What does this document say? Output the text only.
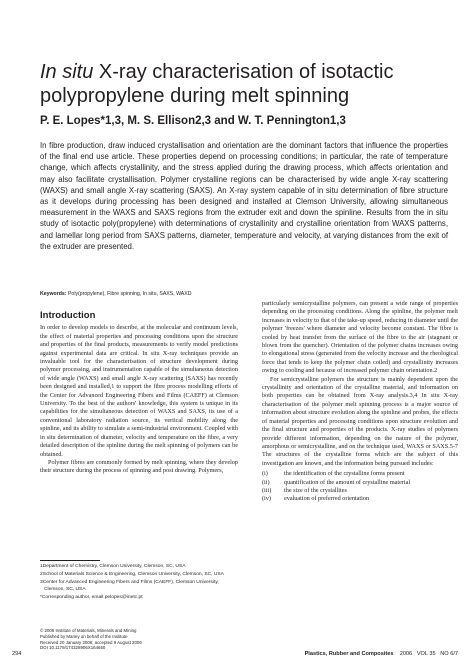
In situ X-ray characterisation of isotactic polypropylene during melt spinning
P. E. Lopes*1,3, M. S. Ellison2,3 and W. T. Pennington1,3
In fibre production, draw induced crystallisation and orientation are the dominant factors that influence the properties of the final end use article. These properties depend on processing conditions; in particular, the rate of temperature change, which affects crystallinity, and the stress applied during the drawing process, which affects orientation and may also facilitate crystallisation. Polymer crystalline regions can be characterised by wide angle X-ray scattering (WAXS) and small angle X-ray scattering (SAXS). An X-ray system capable of in situ determination of fibre structure as it develops during processing has been designed and installed at Clemson University, allowing simultaneous measurement in the WAXS and SAXS regions from the extruder exit and down the spinline. Results from the in situ study of isotactic poly(propylene) with determinations of crystallinity and crystalline orientation from WAXS patterns, and lamellar long period from SAXS patterns, diameter, temperature and velocity, at varying distances from the exit of the extruder are presented.
Keywords: Poly(propylene), Fibre spinning, In situ, SAXS, WAXD
Introduction

In order to develop models to describe, at the molecular and continuum levels, the effect of material properties and processing conditions upon the structure and properties of the final products, measurements to verify model predictions against experimental data are critical. In situ X-ray techniques provide an invaluable tool for the characterisation of structure development during polymer processing, and instrumentation capable of the simultaneous detection of wide angle (WAXS) and small angle X-ray scattering (SAXS) has recently been designed and installed,1 to support the fibre process modelling efforts of the Center for Advanced Engineering Fibers and Films (CAEFF) at Clemson University. To the best of the authors' knowledge, this system is unique in its capabilities for the simultaneous detection of WAXS and SAXS, its use of a conventional laboratory radiation source, its vertical mobility along the spinline, and its ability to simulate a semi-industrial environment. Coupled with in situ determination of diameter, velocity and temperature on the fibre, a very detailed description of the spinline during the melt spinning of polymers can be obtained.

Polymer fibres are commonly formed by melt spinning, where they develop their structure during the process of spinning and post drawing. Polymers,

particularly semicrystalline polymers, can present a wide range of properties depending on the processing conditions. Along the spinline, the polymer melt increases in velocity to that of the take-up speed, reducing in diameter until the polymer 'freezes' where diameter and velocity become constant. The fibre is cooled by heat transfer from the surface of the fibre to the air (stagnant or blown from the quencher). Orientation of the polymer chains increases owing to elongational stress (generated from the velocity increase and the rheological force that tends to keep the polymer chain coiled) and crystallinity increases owing to cooling and because of increased polymer chain orientation.2

For semicrystalline polymers the structure is mainly dependent upon the crystallinity and orientation of the crystalline material, and information on both properties can be obtained from X-ray analysis.3,4 In situ X-ray characterisation of the polymer melt spinning process is a major source of information about structure evolution along the spinline and probes, the effects of material properties and processing conditions upon structure evolution and the final structure and properties of the products. X-ray studies of polymers provide different information, depending on the nature of the polymer, amorphous or semicrystalline, and on the technique used, WAXS or SAXS.5-7 The structures of the crystalline forms which are the subject of this investigation are known, and the information being pursued includes:

(i)	the identification of the crystalline forms present
(ii)	quantification of the amount of crystalline material
(iii)	the size of the crystallites
(iv)	evaluation of preferred orientation

1Department of Chemistry, Clemson University, Clemson, SC, USA

2School of Materials Science & Engineering, Clemson University, Clemson, SC, USA

3Center for Advanced Engineering Fibers and Films (CAEFF), Clemson University, Clemson, SC, USA

*Corresponding author, email pelopes@inetc.pt

© 2006 Institute of Materials, Minerals and Mining
Published by Maney on behalf of the Institute
Received 20 January 2006; accepted 9 August 2006
DOI 10.1179/174328906X164650
294	Plastics, Rubber and Composites 2006 VOL 35 NO 6/7
